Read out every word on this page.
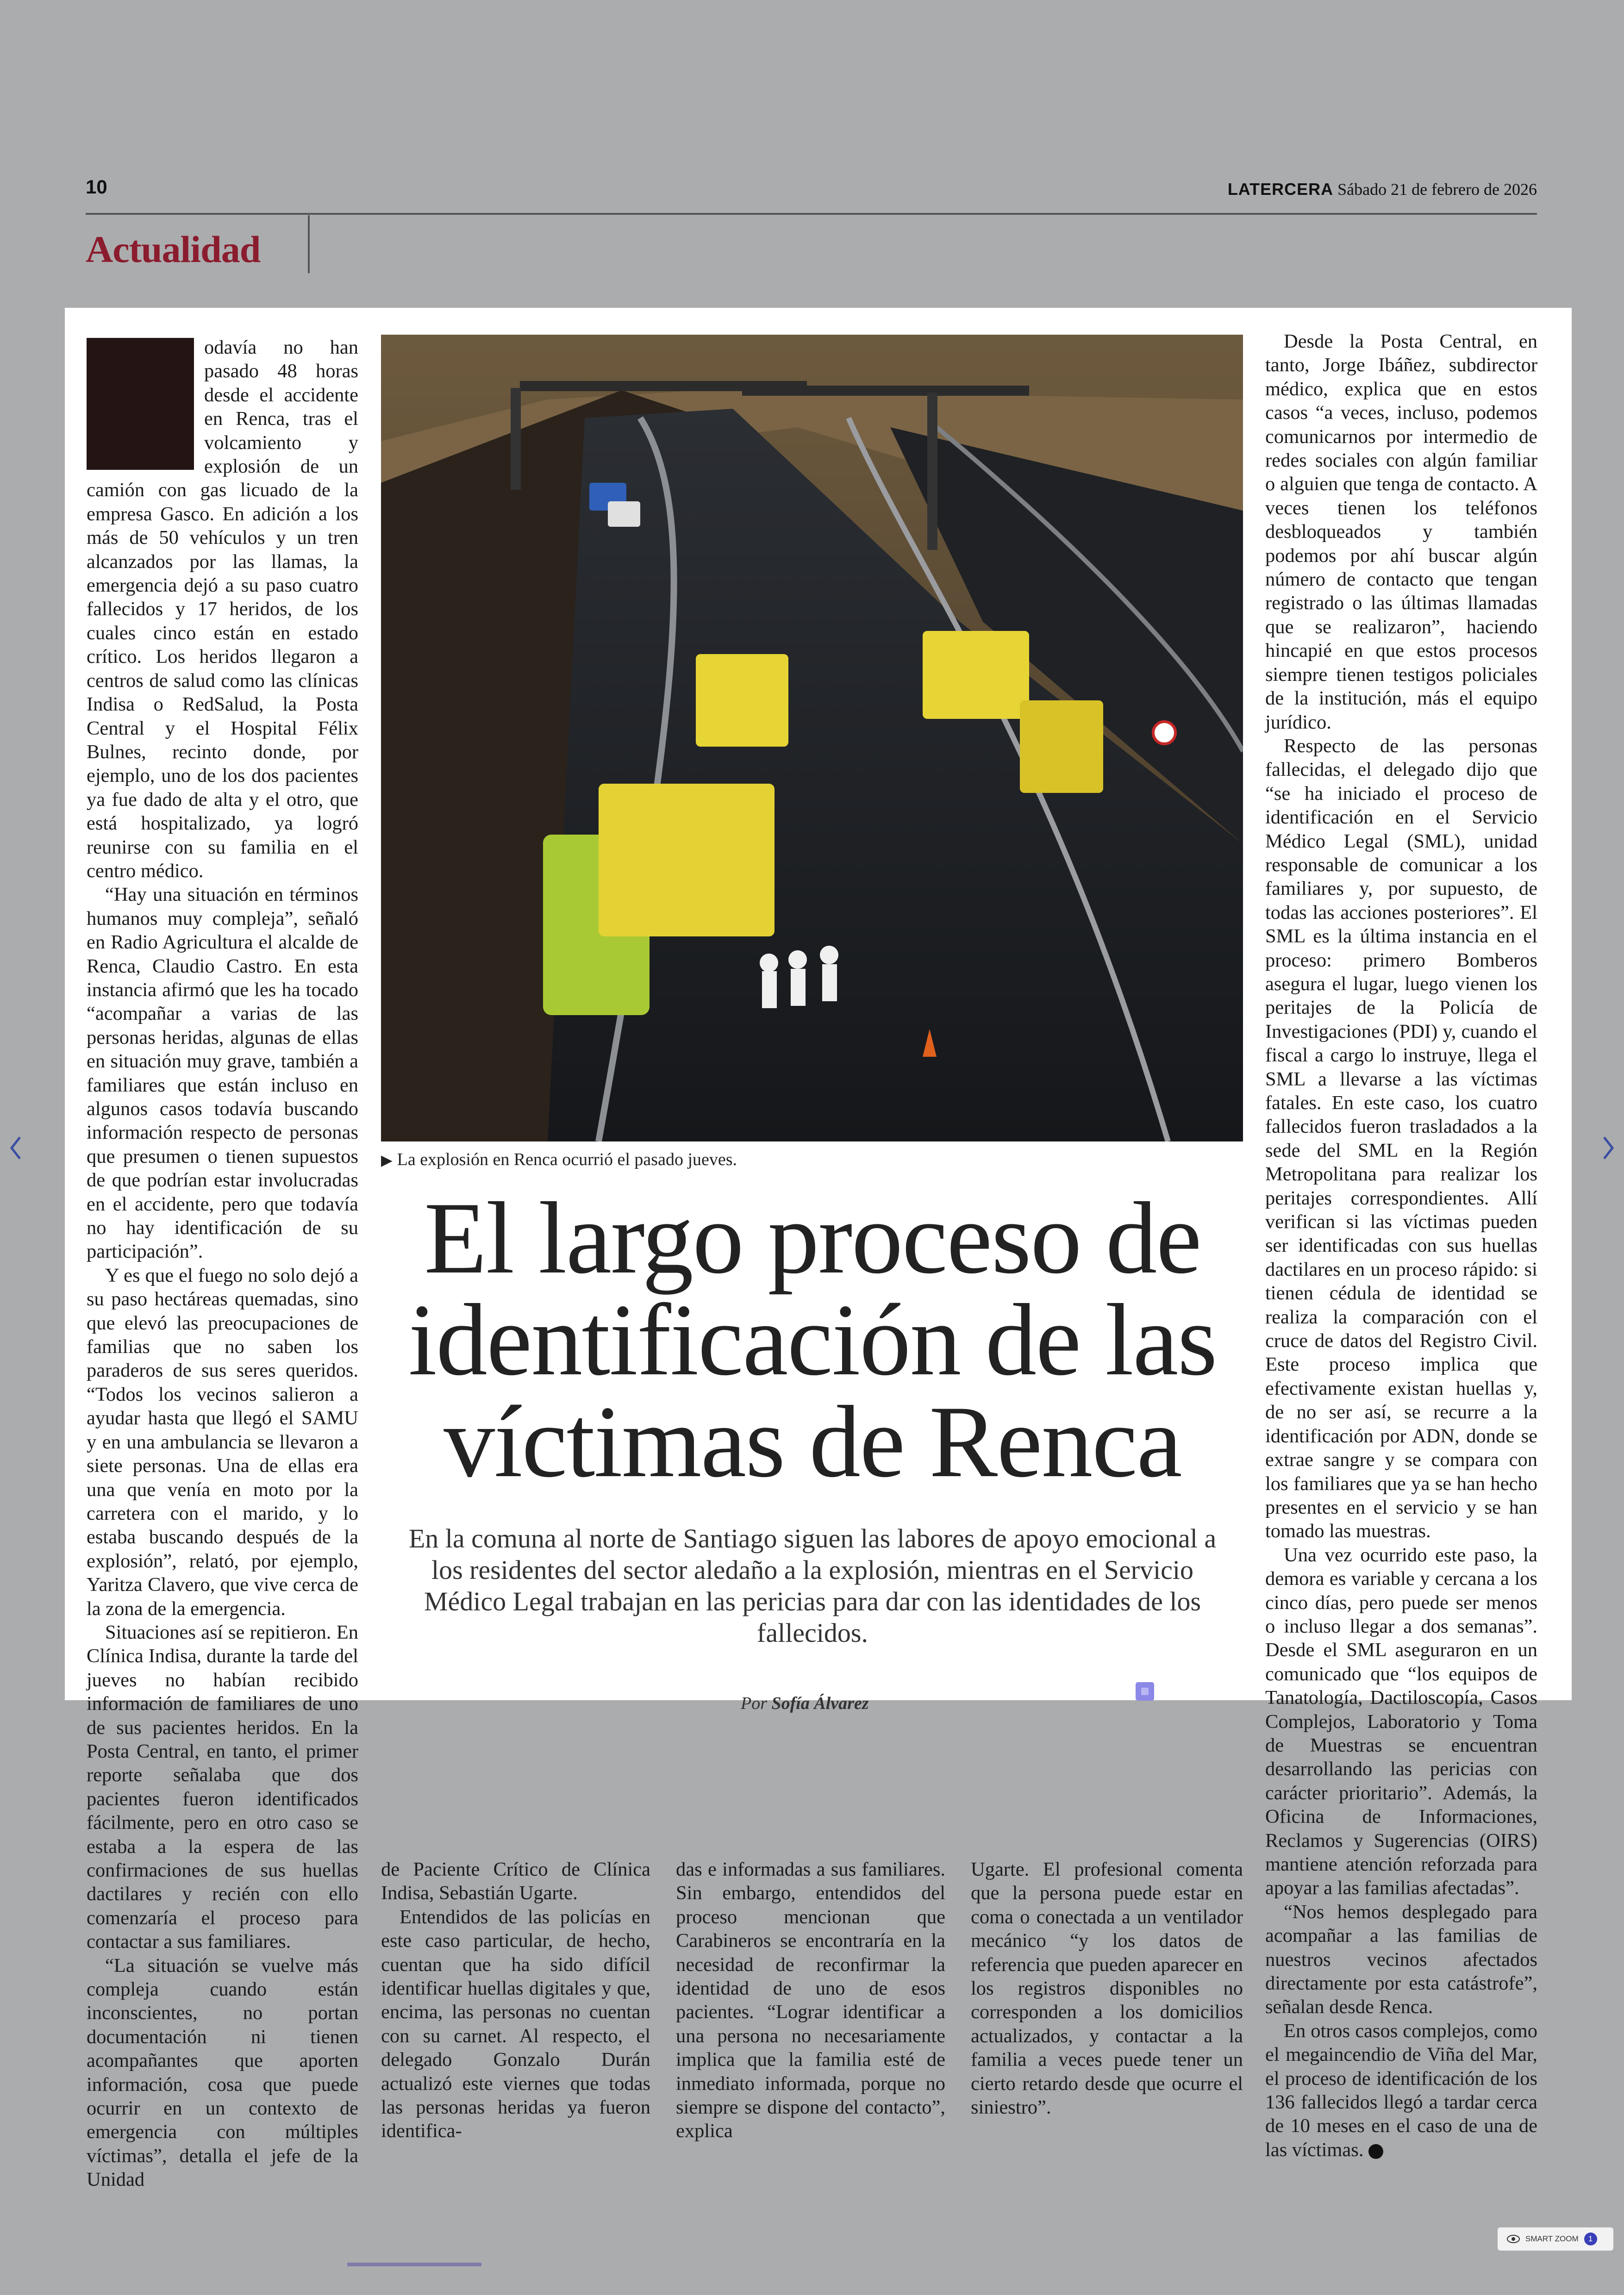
10	LATERCERA Sábado 21 de febrero de 2026
Actualidad

odavía no han pasado 48 horas desde el accidente en Renca, tras el volcamiento y explosión de un camión con gas licuado de la empresa Gasco. En adición a los más de 50 vehículos y un tren alcanzados por las llamas, la emergencia dejó a su paso cuatro fallecidos y 17 heridos, de los cuales cinco están en estado crítico. Los heridos llegaron a centros de salud como las clínicas Indisa o RedSalud, la Posta Central y el Hospital Félix Bulnes, recinto donde, por ejemplo, uno de los dos pacientes ya fue dado de alta y el otro, que está hospitalizado, ya logró reunirse con su familia en el centro médico.

“Hay una situación en términos humanos muy compleja”, señaló en Radio Agricultura el alcalde de Renca, Claudio Castro. En esta instancia afirmó que les ha tocado “acompañar a varias de las personas heridas, algunas de ellas en situación muy grave, también a familiares que están incluso en algunos casos todavía buscando información respecto de personas que presumen o tienen supuestos de que podrían estar involucradas en el accidente, pero que todavía no hay identificación de su participación”.

Y es que el fuego no solo dejó a su paso hectáreas quemadas, sino que elevó las preocupaciones de familias que no saben los paraderos de sus seres queridos. “Todos los vecinos salieron a ayudar hasta que llegó el SAMU y en una ambulancia se llevaron a siete personas. Una de ellas era una que venía en moto por la carretera con el marido, y lo estaba buscando después de la explosión”, relató, por ejemplo, Yaritza Clavero, que vive cerca de la zona de la emergencia.

Situaciones así se repitieron. En Clínica Indisa, durante la tarde del jueves no habían recibido información de familiares de uno de sus pacientes heridos. En la Posta Central, en tanto, el primer reporte señalaba que dos pacientes fueron identificados fácilmente, pero en otro caso se estaba a la espera de las confirmaciones de sus huellas dactilares y recién con ello comenzaría el proceso para contactar a sus familiares.

“La situación se vuelve más compleja cuando están inconscientes, no portan documentación ni tienen acompañantes que aporten información, cosa que puede ocurrir en un contexto de emergencia con múltiples víctimas”, detalla el jefe de la Unidad

▶ La explosión en Renca ocurrió el pasado jueves.
El largo proceso de identificación de las víctimas de Renca

En la comuna al norte de Santiago siguen las labores de apoyo emocional a los residentes del sector aledaño a la explosión, mientras en el Servicio Médico Legal trabajan en las pericias para dar con las identidades de los fallecidos.

Por Sofía Álvarez

de Paciente Crítico de Clínica Indisa, Sebastián Ugarte.

Entendidos de las policías en este caso particular, de hecho, cuentan que ha sido difícil identificar huellas digitales y que, encima, las personas no cuentan con su carnet. Al respecto, el delegado Gonzalo Durán actualizó este viernes que todas las personas heridas ya fueron identifica-

das e informadas a sus familiares. Sin embargo, entendidos del proceso mencionan que Carabineros se encontraría en la necesidad de reconfirmar la identidad de uno de esos pacientes. “Lograr identificar a una persona no necesariamente implica que la familia esté de inmediato informada, porque no siempre se dispone del contacto”, explica

Ugarte. El profesional comenta que la persona puede estar en coma o conectada a un ventilador mecánico “y los datos de referencia que pueden aparecer en los registros disponibles no corresponden a los domicilios actualizados, y contactar a la familia a veces puede tener un cierto retardo desde que ocurre el siniestro”.

Desde la Posta Central, en tanto, Jorge Ibáñez, subdirector médico, explica que en estos casos “a veces, incluso, podemos comunicarnos por intermedio de redes sociales con algún familiar o alguien que tenga de contacto. A veces tienen los teléfonos desbloqueados y también podemos por ahí buscar algún número de contacto que tengan registrado o las últimas llamadas que se realizaron”, haciendo hincapié en que estos procesos siempre tienen testigos policiales de la institución, más el equipo jurídico.

Respecto de las personas fallecidas, el delegado dijo que “se ha iniciado el proceso de identificación en el Servicio Médico Legal (SML), unidad responsable de comunicar a los familiares y, por supuesto, de todas las acciones posteriores”. El SML es la última instancia en el proceso: primero Bomberos asegura el lugar, luego vienen los peritajes de la Policía de Investigaciones (PDI) y, cuando el fiscal a cargo lo instruye, llega el SML a llevarse a las víctimas fatales. En este caso, los cuatro fallecidos fueron trasladados a la sede del SML en la Región Metropolitana para realizar los peritajes correspondientes. Allí verifican si las víctimas pueden ser identificadas con sus huellas dactilares en un proceso rápido: si tienen cédula de identidad se realiza la comparación con el cruce de datos del Registro Civil. Este proceso implica que efectivamente existan huellas y, de no ser así, se recurre a la identificación por ADN, donde se extrae sangre y se compara con los familiares que ya se han hecho presentes en el servicio y se han tomado las muestras.

Una vez ocurrido este paso, la demora es variable y cercana a los cinco días, pero puede ser menos o incluso llegar a dos semanas”. Desde el SML aseguraron en un comunicado que “los equipos de Tanatología, Dactiloscopía, Casos Complejos, Laboratorio y Toma de Muestras se encuentran desarrollando las pericias con carácter prioritario”. Además, la Oficina de Informaciones, Reclamos y Sugerencias (OIRS) mantiene atención reforzada para apoyar a las familias afectadas”.

“Nos hemos desplegado para acompañar a las familias de nuestros vecinos afectados directamente por esta catástrofe”, señalan desde Renca.

En otros casos complejos, como el megaincendio de Viña del Mar, el proceso de identificación de los 136 fallecidos llegó a tardar cerca de 10 meses en el caso de una de las víctimas.

SMART ZOOM	1
